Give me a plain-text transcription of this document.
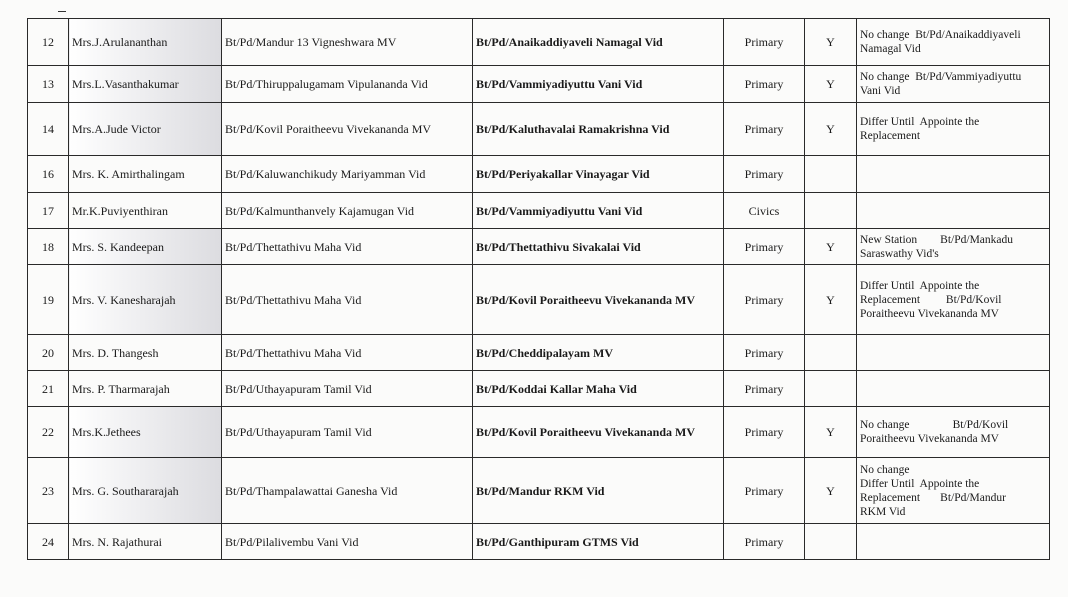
12	Mrs.J.Arulananthan	Bt/Pd/Mandur 13 Vigneshwara MV	Bt/Pd/Anaikaddiyaveli Namagal Vid	Primary	Y	No change  Bt/Pd/Anaikaddiyaveli
Namagal Vid

13	Mrs.L.Vasanthakumar	Bt/Pd/Thiruppalugamam Vipulananda Vid	Bt/Pd/Vammiyadiyuttu Vani Vid	Primary	Y	No change  Bt/Pd/Vammiyadiyuttu
Vani Vid

14	Mrs.A.Jude Victor	Bt/Pd/Kovil Poraitheevu Vivekananda MV	Bt/Pd/Kaluthavalai Ramakrishna Vid	Primary	Y	Differ Until  Appointe the
Replacement

16	Mrs. K. Amirthalingam	Bt/Pd/Kaluwanchikudy Mariyamman Vid	Bt/Pd/Periyakallar Vinayagar Vid	Primary		
17	Mr.K.Puviyenthiran	Bt/Pd/Kalmunthanvely Kajamugan Vid	Bt/Pd/Vammiyadiyuttu Vani Vid	Civics		
18	Mrs. S. Kandeepan	Bt/Pd/Thettathivu Maha Vid	Bt/Pd/Thettathivu Sivakalai Vid	Primary	Y	New Station        Bt/Pd/Mankadu
Saraswathy Vid's

19	Mrs. V. Kanesharajah	Bt/Pd/Thettathivu Maha Vid	Bt/Pd/Kovil Poraitheevu Vivekananda MV	Primary	Y	Differ Until  Appointe the
Replacement         Bt/Pd/Kovil
Poraitheevu Vivekananda MV

20	Mrs. D. Thangesh	Bt/Pd/Thettathivu Maha Vid	Bt/Pd/Cheddipalayam MV	Primary		
21	Mrs. P. Tharmarajah	Bt/Pd/Uthayapuram Tamil Vid	Bt/Pd/Koddai Kallar Maha Vid	Primary		
22	Mrs.K.Jethees	Bt/Pd/Uthayapuram Tamil Vid	Bt/Pd/Kovil Poraitheevu Vivekananda MV	Primary	Y	No change               Bt/Pd/Kovil
Poraitheevu Vivekananda MV

23	Mrs. G. Southararajah	Bt/Pd/Thampalawattai Ganesha Vid	Bt/Pd/Mandur RKM Vid	Primary	Y	No change
Differ Until  Appointe the
Replacement       Bt/Pd/Mandur
RKM Vid

24	Mrs. N. Rajathurai	Bt/Pd/Pilalivembu Vani Vid	Bt/Pd/Ganthipuram GTMS Vid	Primary		
